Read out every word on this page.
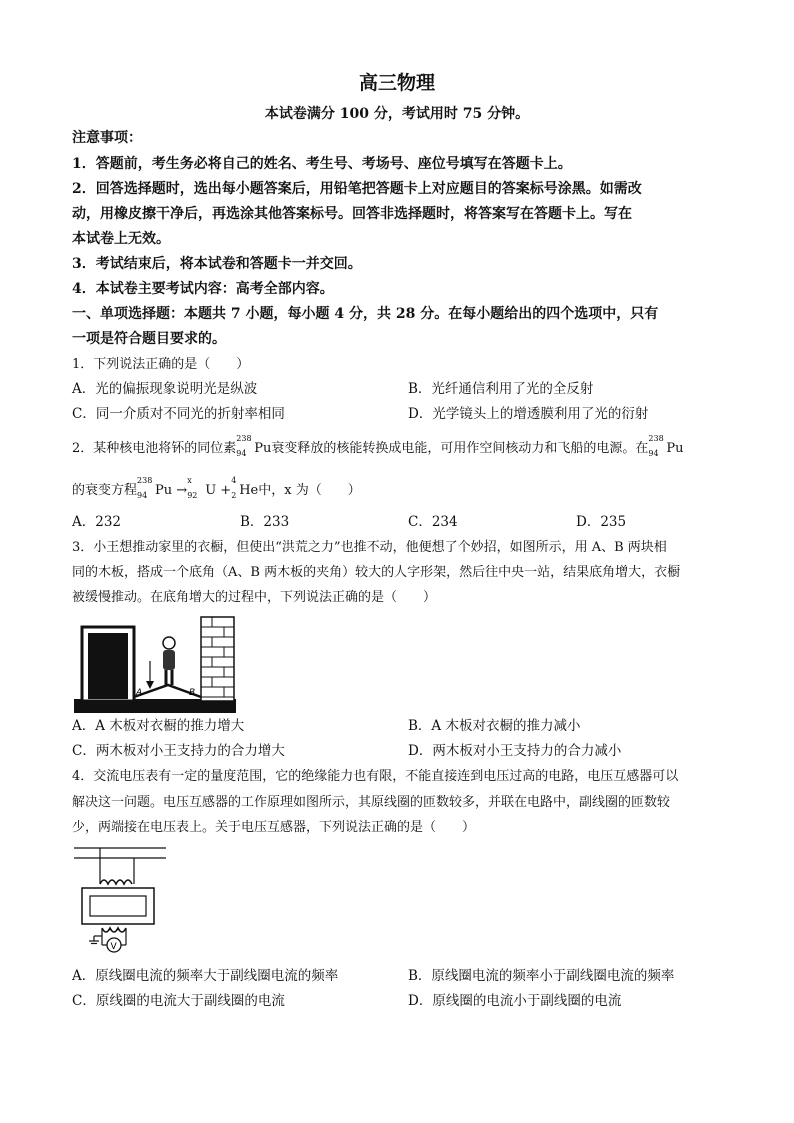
高三物理
本试卷满分 100 分，考试用时 75 分钟。
注意事项：
1．答题前，考生务必将自己的姓名、考生号、考场号、座位号填写在答题卡上。
2．回答选择题时，选出每小题答案后，用铅笔把答题卡上对应题目的答案标号涂黑。如需改
动，用橡皮擦干净后，再选涂其他答案标号。回答非选择题时，将答案写在答题卡上。写在
本试卷上无效。
3．考试结束后，将本试卷和答题卡一并交回。
4．本试卷主要考试内容：高考全部内容。
一、单项选择题：本题共 7 小题，每小题 4 分，共 28 分。在每小题给出的四个选项中，只有
一项是符合题目要求的。
1．下列说法正确的是（　　）
A．光的偏振现象说明光是纵波	B．光纤通信利用了光的全反射
C．同一介质对不同光的折射率相同	D．光学镜头上的增透膜利用了光的衍射
2．某种核电池将钚的同位素
238
94 Pu衰变释放的核能转换成电能，可用作空间核动力和飞船的电源。在
238
94 Pu
的衰变方程
238
94 Pu →
x
92 U +
4
2 He中，x 为（　　）
A．232	B．233	C．234	D．235
3．小王想推动家里的衣橱，但使出“洪荒之力”也推不动，他便想了个妙招，如图所示，用 A、B 两块相
同的木板，搭成一个底角（A、B 两木板的夹角）较大的人字形架，然后往中央一站，结果底角增大，衣橱
被缓慢推动。在底角增大的过程中，下列说法正确的是（　　）
A	B
A．A 木板对衣橱的推力增大	B．A 木板对衣橱的推力减小
C．两木板对小王支持力的合力增大	D．两木板对小王支持力的合力减小
4．交流电压表有一定的量度范围，它的绝缘能力也有限，不能直接连到电压过高的电路，电压互感器可以
解决这一问题。电压互感器的工作原理如图所示，其原线圈的匝数较多，并联在电路中，副线圈的匝数较
少，两端接在电压表上。关于电压互感器，下列说法正确的是（　　）
V
A．原线圈电流的频率大于副线圈电流的频率	B．原线圈电流的频率小于副线圈电流的频率
C．原线圈的电流大于副线圈的电流	D．原线圈的电流小于副线圈的电流
